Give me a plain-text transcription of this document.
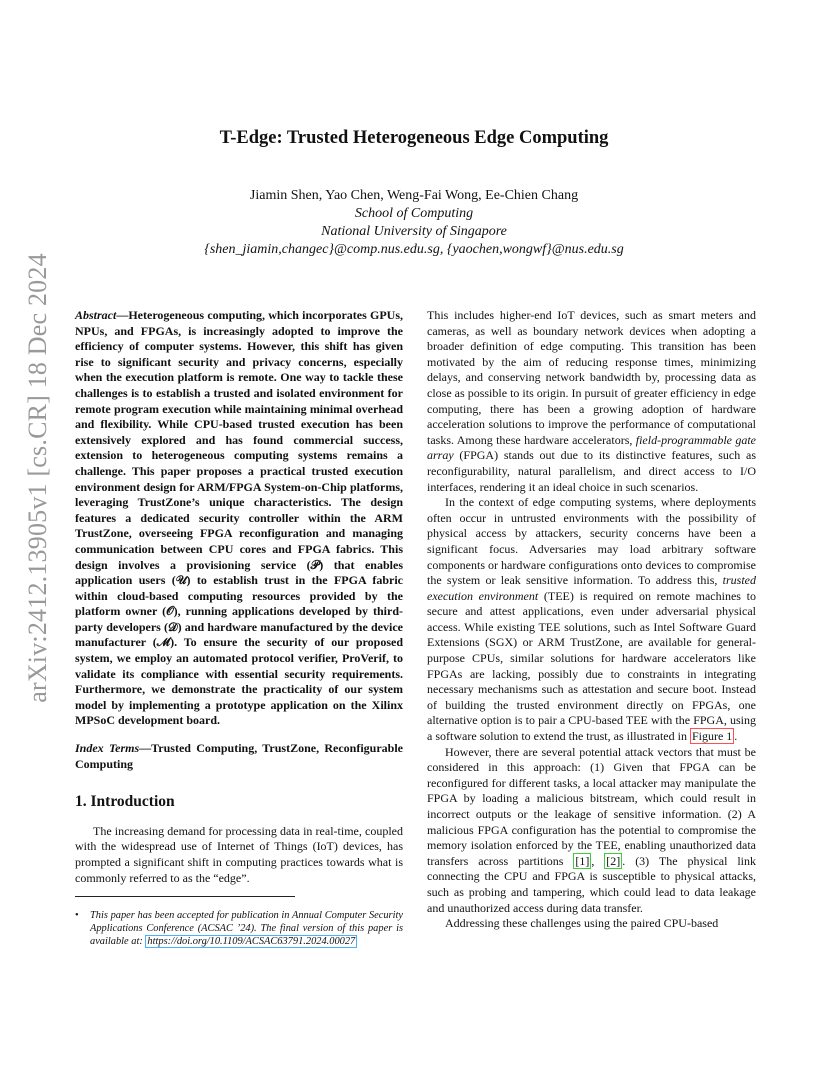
arXiv:2412.13905v1 [cs.CR] 18 Dec 2024
T-Edge: Trusted Heterogeneous Edge Computing
Jiamin Shen, Yao Chen, Weng-Fai Wong, Ee-Chien Chang
School of Computing
National University of Singapore
{shen_jiamin,changec}@comp.nus.edu.sg, {yaochen,wongwf}@nus.edu.sg

Abstract—Heterogeneous computing, which incorporates GPUs, NPUs, and FPGAs, is increasingly adopted to improve the efficiency of computer systems. However, this shift has given rise to significant security and privacy concerns, especially when the execution platform is remote. One way to tackle these challenges is to establish a trusted and isolated environment for remote program execution while maintaining minimal overhead and flexibility. While CPU-based trusted execution has been extensively explored and has found commercial success, extension to heterogeneous computing systems remains a challenge. This paper proposes a practical trusted execution environment design for ARM/FPGA System-on-Chip platforms, leveraging TrustZone’s unique characteristics. The design features a dedicated security controller within the ARM TrustZone, overseeing FPGA reconfiguration and managing communication between CPU cores and FPGA fabrics. This design involves a provisioning service (𝒫) that enables application users (𝒰) to establish trust in the FPGA fabric within cloud-based computing resources provided by the platform owner (𝒪), running applications developed by third-party developers (𝒟) and hardware manufactured by the device manufacturer (ℳ). To ensure the security of our proposed system, we employ an automated protocol verifier, ProVerif, to validate its compliance with essential security requirements. Furthermore, we demonstrate the practicality of our system model by implementing a prototype application on the Xilinx MPSoC development board.

Index Terms—Trusted Computing, TrustZone, Reconfigurable Computing

1. Introduction

The increasing demand for processing data in real-time, coupled with the widespread use of Internet of Things (IoT) devices, has prompted a significant shift in computing practices towards what is commonly referred to as the “edge”.

• This paper has been accepted for publication in Annual Computer Security Applications Conference (ACSAC ’24). The final version of this paper is available at: https://doi.org/10.1109/ACSAC63791.2024.00027

This includes higher-end IoT devices, such as smart meters and cameras, as well as boundary network devices when adopting a broader definition of edge computing. This transition has been motivated by the aim of reducing response times, minimizing delays, and conserving network bandwidth by, processing data as close as possible to its origin. In pursuit of greater efficiency in edge computing, there has been a growing adoption of hardware acceleration solutions to improve the performance of computational tasks. Among these hardware accelerators, field-programmable gate array (FPGA) stands out due to its distinctive features, such as reconfigurability, natural parallelism, and direct access to I/O interfaces, rendering it an ideal choice in such scenarios.

In the context of edge computing systems, where deployments often occur in untrusted environments with the possibility of physical access by attackers, security concerns have been a significant focus. Adversaries may load arbitrary software components or hardware configurations onto devices to compromise the system or leak sensitive information. To address this, trusted execution environment (TEE) is required on remote machines to secure and attest applications, even under adversarial physical access. While existing TEE solutions, such as Intel Software Guard Extensions (SGX) or ARM TrustZone, are available for general-purpose CPUs, similar solutions for hardware accelerators like FPGAs are lacking, possibly due to constraints in integrating necessary mechanisms such as attestation and secure boot. Instead of building the trusted environment directly on FPGAs, one alternative option is to pair a CPU-based TEE with the FPGA, using a software solution to extend the trust, as illustrated in Figure 1 .

However, there are several potential attack vectors that must be considered in this approach: (1) Given that FPGA can be reconfigured for different tasks, a local attacker may manipulate the FPGA by loading a malicious bitstream, which could result in incorrect outputs or the leakage of sensitive information. (2) A malicious FPGA configuration has the potential to compromise the memory isolation enforced by the TEE, enabling unauthorized data transfers across partitions [1] , [2] . (3) The physical link connecting the CPU and FPGA is susceptible to physical attacks, such as probing and tampering, which could lead to data leakage and unauthorized access during data transfer.

Addressing these challenges using the paired CPU-based
